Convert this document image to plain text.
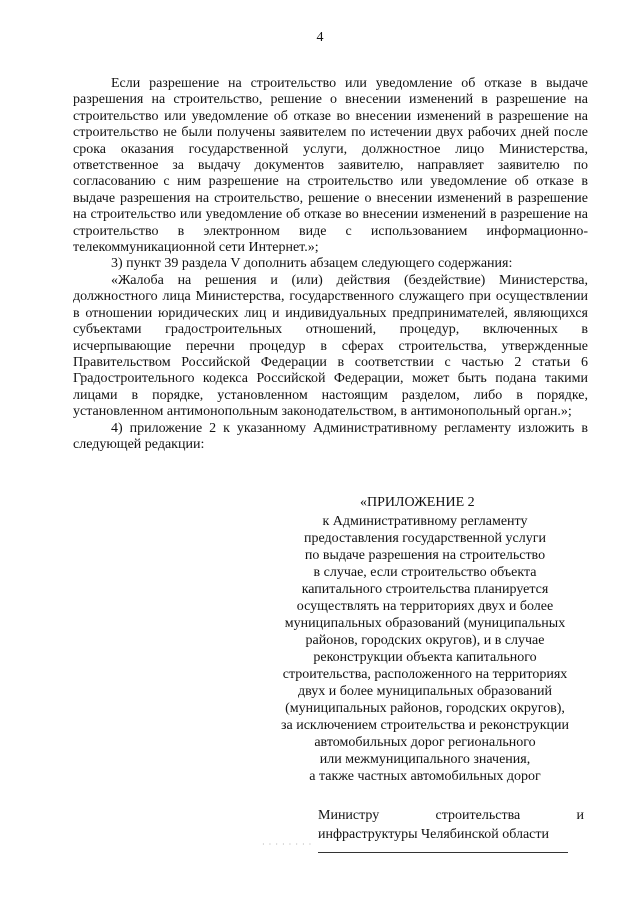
4

Если разрешение на строительство или уведомление об отказе в выдаче разрешения на строительство, решение о внесении изменений в разрешение на строительство или уведомление об отказе во внесении изменений в разрешение на строительство не были получены заявителем по истечении двух рабочих дней после срока оказания государственной услуги, должностное лицо Министерства, ответственное за выдачу документов заявителю, направляет заявителю по согласованию с ним разрешение на строительство или уведомление об отказе в выдаче разрешения на строительство, решение о внесении изменений в разрешение на строительство или уведомление об отказе во внесении изменений в разрешение на строительство в электронном виде с использованием информационно-телекоммуникационной сети Интернет.»;

3) пункт 39 раздела V дополнить абзацем следующего содержания:

«Жалоба на решения и (или) действия (бездействие) Министерства, должностного лица Министерства, государственного служащего при осуществлении в отношении юридических лиц и индивидуальных предпринимателей, являющихся субъектами градостроительных отношений, процедур, включенных в исчерпывающие перечни процедур в сферах строительства, утвержденные Правительством Российской Федерации в соответствии с частью 2 статьи 6 Градостроительного кодекса Российской Федерации, может быть подана такими лицами в порядке, установленном настоящим разделом, либо в порядке, установленном антимонопольным законодательством, в антимонопольный орган.»;

4) приложение 2 к указанному Административному регламенту изложить в следующей редакции:

«ПРИЛОЖЕНИЕ 2
к Административному регламенту
предоставления государственной услуги
по выдаче разрешения на строительство
в случае, если строительство объекта
капитального строительства планируется
осуществлять на территориях двух и более
муниципальных образований (муниципальных
районов, городских округов), и в случае
реконструкции объекта капитального
строительства, расположенного на территориях
двух и более муниципальных образований
(муниципальных районов, городских округов),
за исключением строительства и реконструкции
автомобильных дорог регионального
или межмуниципального значения,
а также частных автомобильных дорог
Министру строительства и
инфраструктуры Челябинской области
· · · · · · · ·
